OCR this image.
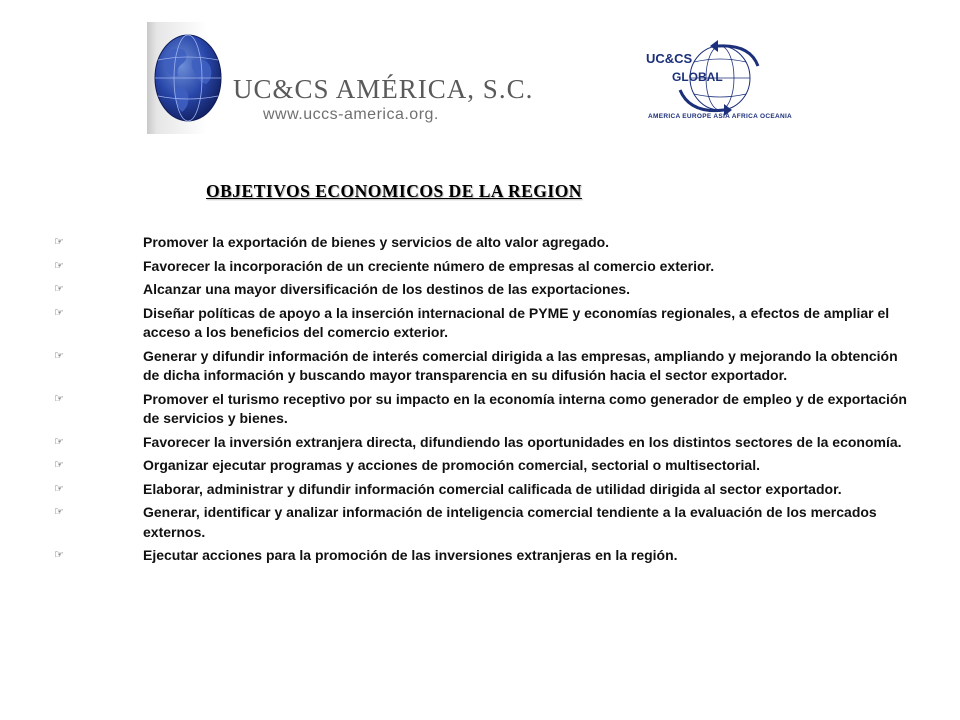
UC&CS AMÉRICA, S.C.
www.uccs-america.org.
UC&CS
GLOBAL
AMERICA EUROPE ASIA AFRICA OCEANIA
OBJETIVOS ECONOMICOS DE LA REGION
☞	Promover la exportación de bienes y servicios de alto valor agregado.
☞	Favorecer la incorporación de un creciente número de empresas al comercio exterior.
☞	Alcanzar una mayor diversificación de los destinos de las exportaciones.
☞	Diseñar políticas de apoyo a la inserción internacional de PYME y economías regionales, a efectos de ampliar el acceso a los beneficios del comercio exterior.
☞	Generar y difundir información de interés comercial dirigida a las empresas, ampliando y mejorando la obtención de dicha información y buscando mayor transparencia en su difusión hacia el sector exportador.
☞	Promover el turismo receptivo por su impacto en la economía interna como generador de empleo y de exportación de servicios y bienes.
☞	Favorecer la inversión extranjera directa, difundiendo las oportunidades en los distintos sectores de la economía.
☞	Organizar ejecutar programas y acciones de promoción comercial, sectorial o multisectorial.
☞	Elaborar, administrar y difundir información comercial calificada de utilidad dirigida al sector exportador.
☞	Generar, identificar y analizar información de inteligencia comercial tendiente a la evaluación de los mercados externos.
☞	Ejecutar acciones para la promoción de las inversiones extranjeras en la región.
